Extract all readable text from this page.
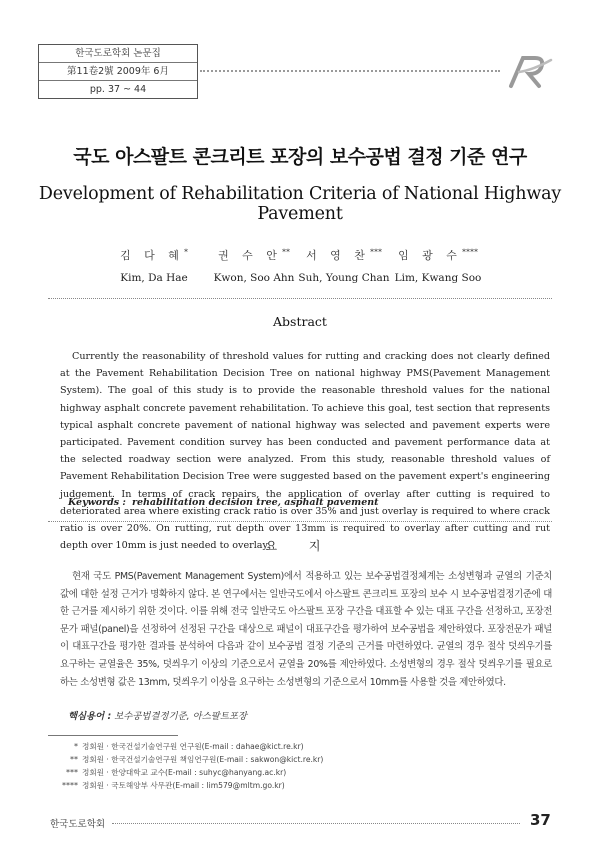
한국도로학회 논문집
第11卷2號 2009年 6月
pp. 37 ~ 44
국도 아스팔트 콘크리트 포장의 보수공법 결정 기준 연구
Development of Rehabilitation Criteria of National Highway Pavement
김 다 혜*
Kim, Da Hae
권 수 안**
Kwon, Soo Ahn
서 영 찬***
Suh, Young Chan
임 광 수****
Lim, Kwang Soo
Abstract

Currently the reasonability of threshold values for rutting and cracking does not clearly defined at the Pavement Rehabilitation Decision Tree on national highway PMS(Pavement Management System). The goal of this study is to provide the reasonable threshold values for the national highway asphalt concrete pavement rehabilitation. To achieve this goal, test section that represents typical asphalt concrete pavement of national highway was selected and pavement experts were participated. Pavement condition survey has been conducted and pavement performance data at the selected roadway section were analyzed. From this study, reasonable threshold values of Pavement Rehabilitation Decision Tree were suggested based on the pavement expert's engineering judgement. In terms of crack repairs, the application of overlay after cutting is required to deteriorated area where existing crack ratio is over 35% and just overlay is required to where crack ratio is over 20%. On rutting, rut depth over 13mm is required to overlay after cutting and rut depth over 10mm is just needed to overlay.

Keywords : rehabilitation decision tree, asphalt pavement
요 지

현재 국도 PMS(Pavement Management System)에서 적용하고 있는 보수공법결정체계는 소성변형과 균열의 기준치 값에 대한 설정 근거가 명확하지 않다. 본 연구에서는 일반국도에서 아스팔트 콘크리트 포장의 보수 시 보수공법결정기준에 대한 근거를 제시하기 위한 것이다. 이를 위해 전국 일반국도 아스팔트 포장 구간을 대표할 수 있는 대표 구간을 선정하고, 포장전문가 패널(panel)을 선정하여 선정된 구간을 대상으로 패널이 대표구간을 평가하여 보수공법을 제안하였다. 포장전문가 패널이 대표구간을 평가한 결과를 분석하여 다음과 같이 보수공법 결정 기준의 근거를 마련하였다. 균열의 경우 절삭 덧씌우기를 요구하는 균열율은 35%, 덧씌우기 이상의 기준으로서 균열율 20%를 제안하였다. 소성변형의 경우 절삭 덧씌우기를 필요로 하는 소성변형 값은 13mm, 덧씌우기 이상을 요구하는 소성변형의 기준으로서 10mm를 사용할 것을 제안하였다.

핵심용어 : 보수공법결정기준, 아스팔트포장
* 정회원 · 한국건설기술연구원 연구원(E-mail : dahae@kict.re.kr)
** 정회원 · 한국건설기술연구원 책임연구원(E-mail : sakwon@kict.re.kr)
*** 정회원 · 한양대학교 교수(E-mail : suhyc@hanyang.ac.kr)
**** 정회원 · 국토해양부 사무관(E-mail : lim579@mltm.go.kr)
한국도로학회	37
